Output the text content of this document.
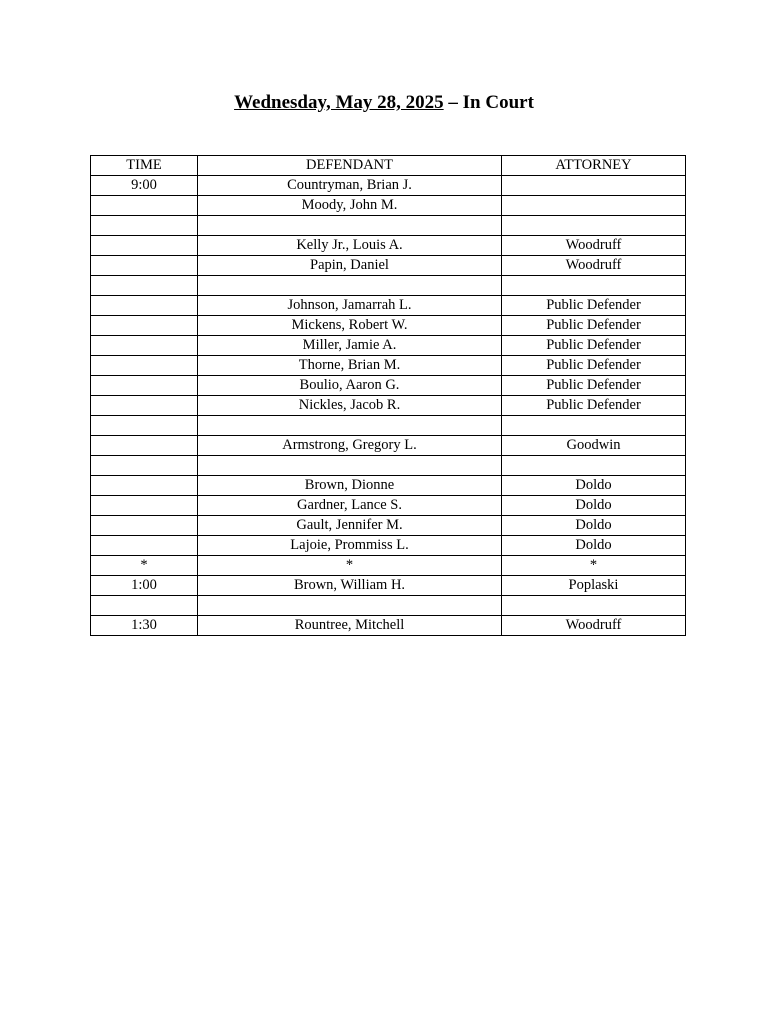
Wednesday, May 28, 2025 – In Court
TIME	DEFENDANT	ATTORNEY
9:00	Countryman, Brian J.	
	Moody, John M.	

	Kelly Jr., Louis A.	Woodruff
	Papin, Daniel	Woodruff

	Johnson, Jamarrah L.	Public Defender
	Mickens, Robert W.	Public Defender
	Miller, Jamie A.	Public Defender
	Thorne, Brian M.	Public Defender
	Boulio, Aaron G.	Public Defender
	Nickles, Jacob R.	Public Defender

	Armstrong, Gregory L.	Goodwin

	Brown, Dionne	Doldo
	Gardner, Lance S.	Doldo
	Gault, Jennifer M.	Doldo
	Lajoie, Prommiss L.	Doldo
*	*	*
1:00	Brown, William H.	Poplaski

1:30	Rountree, Mitchell	Woodruff
